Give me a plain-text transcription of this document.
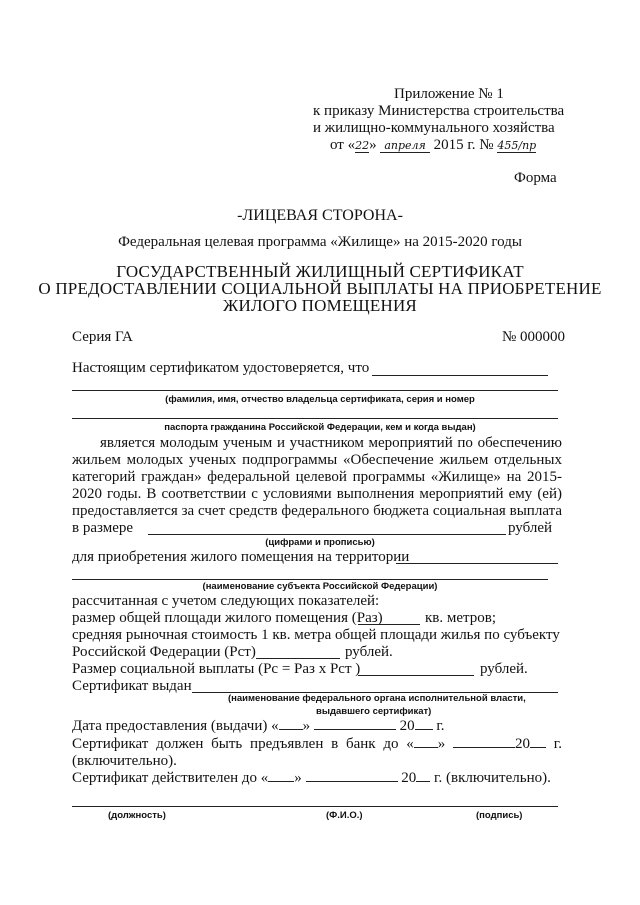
Приложение № 1
к приказу Министерства строительства
и жилищно-коммунального хозяйства
от «22» апреля 2015 г. № 455/пр
Форма
-ЛИЦЕВАЯ СТОРОНА-
Федеральная целевая программа «Жилище» на 2015-2020 годы
ГОСУДАРСТВЕННЫЙ ЖИЛИЩНЫЙ СЕРТИФИКАТ
О ПРЕДОСТАВЛЕНИИ СОЦИАЛЬНОЙ ВЫПЛАТЫ НА ПРИОБРЕТЕНИЕ
ЖИЛОГО ПОМЕЩЕНИЯ
Серия ГА	№ 000000
Настоящим сертификатом удостоверяется, что
(фамилия, имя, отчество владельца сертификата, серия и номер
паспорта гражданина Российской Федерации, кем и когда выдан)
является молодым ученым и участником мероприятий по обеспечению
жильем молодых ученых подпрограммы «Обеспечение жильем отдельных
категорий граждан» федеральной целевой программы «Жилище» на 2015-
2020 годы. В соответствии с условиями выполнения мероприятий ему (ей)
предоставляется за счет средств федерального бюджета социальная выплата
в размере	рублей
(цифрами и прописью)
для приобретения жилого помещения на территории
(наименование субъекта Российской Федерации)
рассчитанная с учетом следующих показателей:
размер общей площади жилого помещения (Раз)	кв. метров;
средняя рыночная стоимость 1 кв. метра общей площади жилья по субъекту
Российской Федерации (Рст)	рублей.
Размер социальной выплаты (Рс = Раз х Рст )	рублей.
Сертификат выдан
(наименование федерального органа исполнительной власти,
выдавшего сертификат)
Дата предоставления (выдачи) « »	20 г.
Сертификат должен быть предъявлен в банк до « »	20 г.
(включительно).
Сертификат действителен до « »	20 г. (включительно).
(должность)	(Ф.И.О.)	(подпись)
